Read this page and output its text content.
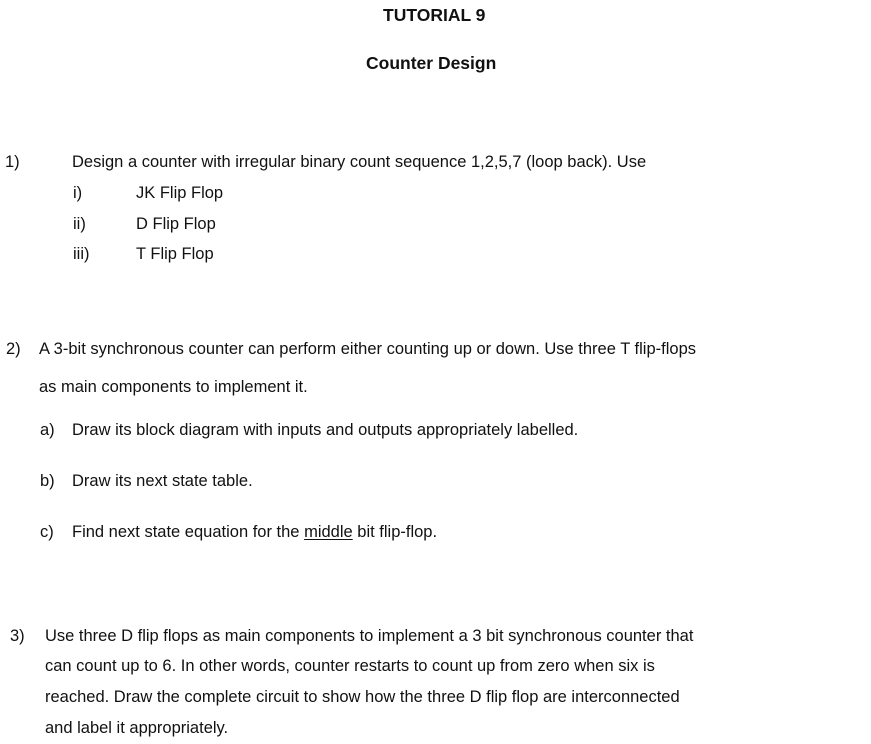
TUTORIAL 9
Counter Design
1)	Design a counter with irregular binary count sequence 1,2,5,7 (loop back). Use
i)	JK Flip Flop
ii)	D Flip Flop
iii)	T Flip Flop
2) A 3-bit synchronous counter can perform either counting up or down. Use three T flip-flops
as main components to implement it.
a) Draw its block diagram with inputs and outputs appropriately labelled.
b) Draw its next state table.
c) Find next state equation for the middle bit flip-flop.
3) Use three D flip flops as main components to implement a 3 bit synchronous counter that
can count up to 6. In other words, counter restarts to count up from zero when six is
reached. Draw the complete circuit to show how the three D flip flop are interconnected
and label it appropriately.
